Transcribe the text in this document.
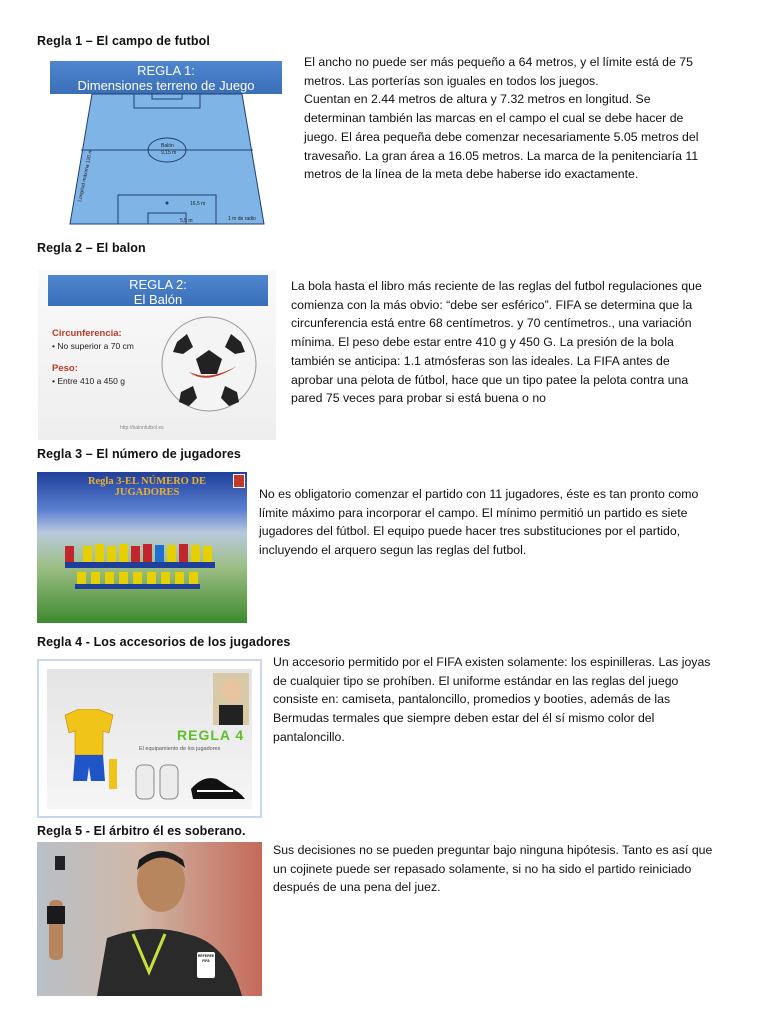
Regla 1 – El campo de futbol
REGLA 1:
Dimensiones terreno de Juego
Balón
9,15 m
16,5 m
5,5 m	1 m de radio
Longitud máxima 120 m
El ancho no puede ser más pequeño a 64 metros, y el límite está de 75
metros. Las porterías son iguales en todos los juegos.
Cuentan en 2.44 metros de altura y 7.32 metros en longitud. Se
determinan también las marcas en el campo el cual se debe hacer de
juego. El área pequeña debe comenzar necesariamente 5.05 metros del
travesaño. La gran área a 16.05 metros. La marca de la penitenciaría 11
metros de la línea de la meta debe haberse ido exactamente.
Regla 2 – El balon
REGLA 2:
El Balón
Circunferencia:
• No superior a 70 cm
Peso:
• Entre 410 a 450 g
http://balonfutbol.es
La bola hasta el libro más reciente de las reglas del futbol regulaciones que
comienza con la más obvio: “debe ser esférico”. FIFA se determina que la
circunferencia está entre 68 centímetros. y 70 centímetros., una variación
mínima. El peso debe estar entre 410 g y 450 G. La presión de la bola
también se anticipa: 1.1 atmósferas son las ideales. La FIFA antes de
aprobar una pelota de fútbol, hace que un tipo patee la pelota contra una
pared 75 veces para probar si está buena o no
Regla 3 – El número de jugadores
Regla 3-EL NÚMERO DE
JUGADORES	No es obligatorio comenzar el partido con 11 jugadores, éste es tan pronto como
límite máximo para incorporar el campo. El mínimo permitió un partido es siete
jugadores del fútbol. El equipo puede hacer tres substituciones por el partido,
incluyendo el arquero segun las reglas del futbol.
Regla 4 - Los accesorios de los jugadores
REGLA 4
El equipamiento de los jugadores
Un accesorio permitido por el FIFA existen solamente: los espinilleras. Las joyas
de cualquier tipo se prohíben. El uniforme estándar en las reglas del juego
consiste en: camiseta, pantaloncillo, promedios y booties, además de las
Bermudas termales que siempre deben estar del él sí mismo color del
pantaloncillo.
Regla 5 - El árbitro él es soberano.
REFEREE FIFA
Sus decisiones no se pueden preguntar bajo ninguna hipótesis. Tanto es así que
un cojinete puede ser repasado solamente, si no ha sido el partido reiniciado
después de una pena del juez.
